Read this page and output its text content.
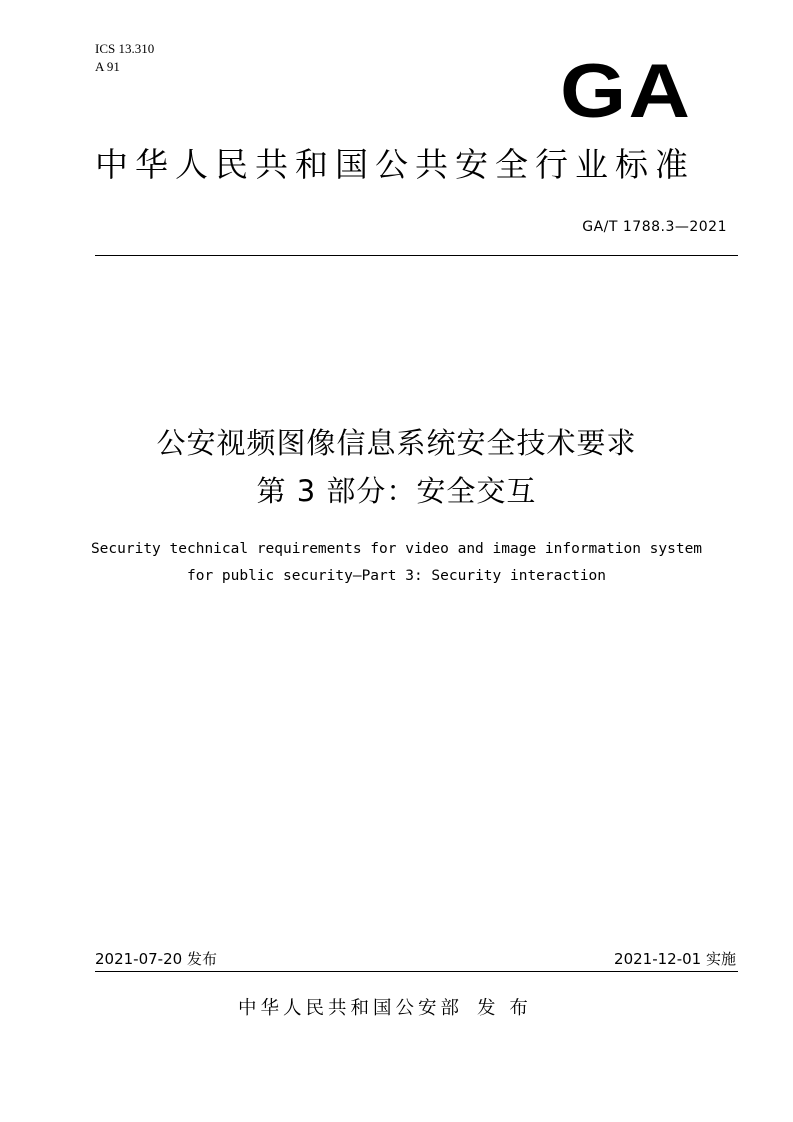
ICS 13.310
A 91	GA
中华人民共和国公共安全行业标准
GA/T 1788.3—2021
公安视频图像信息系统安全技术要求
第 3 部分：安全交互
Security technical requirements for video and image information system
for public security—Part 3: Security interaction
2021-07-20 发布	2021-12-01 实施
中华人民共和国公安部 发 布
